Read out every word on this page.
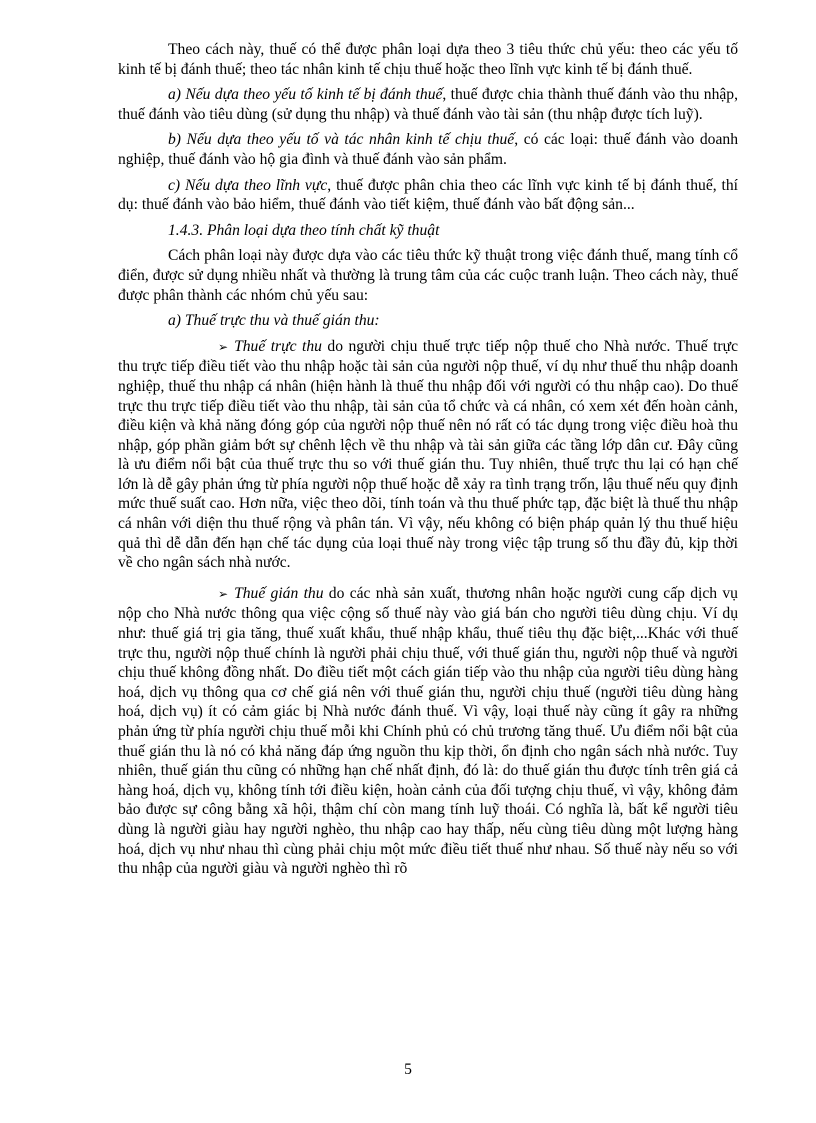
Theo cách này, thuế có thể được phân loại dựa theo 3 tiêu thức chủ yếu: theo các yếu tố kinh tế bị đánh thuế; theo tác nhân kinh tế chịu thuế hoặc theo lĩnh vực kinh tế bị đánh thuế.

a) Nếu dựa theo yếu tố kinh tế bị đánh thuế, thuế được chia thành thuế đánh vào thu nhập, thuế đánh vào tiêu dùng (sử dụng thu nhập) và thuế đánh vào tài sản (thu nhập được tích luỹ).

b) Nếu dựa theo yếu tố và tác nhân kinh tế chịu thuế, có các loại: thuế đánh vào doanh nghiệp, thuế đánh vào hộ gia đình và thuế đánh vào sản phẩm.

c) Nếu dựa theo lĩnh vực, thuế được phân chia theo các lĩnh vực kinh tế bị đánh thuế, thí dụ: thuế đánh vào bảo hiểm, thuế đánh vào tiết kiệm, thuế đánh vào bất động sản...

1.4.3. Phân loại dựa theo tính chất kỹ thuật

Cách phân loại này được dựa vào các tiêu thức kỹ thuật trong việc đánh thuế, mang tính cổ điển, được sử dụng nhiều nhất và thường là trung tâm của các cuộc tranh luận. Theo cách này, thuế được phân thành các nhóm chủ yếu sau:

a) Thuế trực thu và thuế gián thu:

➢ Thuế trực thu do người chịu thuế trực tiếp nộp thuế cho Nhà nước. Thuế trực thu trực tiếp điều tiết vào thu nhập hoặc tài sản của người nộp thuế, ví dụ như thuế thu nhập doanh nghiệp, thuế thu nhập cá nhân (hiện hành là thuế thu nhập đối với người có thu nhập cao). Do thuế trực thu trực tiếp điều tiết vào thu nhập, tài sản của tổ chức và cá nhân, có xem xét đến hoàn cảnh, điều kiện và khả năng đóng góp của người nộp thuế nên nó rất có tác dụng trong việc điều hoà thu nhập, góp phần giảm bớt sự chênh lệch về thu nhập và tài sản giữa các tầng lớp dân cư. Đây cũng là ưu điểm nổi bật của thuế trực thu so với thuế gián thu. Tuy nhiên, thuế trực thu lại có hạn chế lớn là dễ gây phản ứng từ phía người nộp thuế hoặc dễ xảy ra tình trạng trốn, lậu thuế nếu quy định mức thuế suất cao. Hơn nữa, việc theo dõi, tính toán và thu thuế phức tạp, đặc biệt là thuế thu nhập cá nhân với diện thu thuế rộng và phân tán. Vì vậy, nếu không có biện pháp quản lý thu thuế hiệu quả thì dễ dẫn đến hạn chế tác dụng của loại thuế này trong việc tập trung số thu đầy đủ, kịp thời về cho ngân sách nhà nước.

➢ Thuế gián thu do các nhà sản xuất, thương nhân hoặc người cung cấp dịch vụ nộp cho Nhà nước thông qua việc cộng số thuế này vào giá bán cho người tiêu dùng chịu. Ví dụ như: thuế giá trị gia tăng, thuế xuất khẩu, thuế nhập khẩu, thuế tiêu thụ đặc biệt,...Khác với thuế trực thu, người nộp thuế chính là người phải chịu thuế, với thuế gián thu, người nộp thuế và người chịu thuế không đồng nhất. Do điều tiết một cách gián tiếp vào thu nhập của người tiêu dùng hàng hoá, dịch vụ thông qua cơ chế giá nên với thuế gián thu, người chịu thuế (người tiêu dùng hàng hoá, dịch vụ) ít có cảm giác bị Nhà nước đánh thuế. Vì vậy, loại thuế này cũng ít gây ra những phản ứng từ phía người chịu thuế mỗi khi Chính phủ có chủ trương tăng thuế. Ưu điểm nổi bật của thuế gián thu là nó có khả năng đáp ứng nguồn thu kịp thời, ổn định cho ngân sách nhà nước. Tuy nhiên, thuế gián thu cũng có những hạn chế nhất định, đó là: do thuế gián thu được tính trên giá cả hàng hoá, dịch vụ, không tính tới điều kiện, hoàn cảnh của đối tượng chịu thuế, vì vậy, không đảm bảo được sự công bằng xã hội, thậm chí còn mang tính luỹ thoái. Có nghĩa là, bất kể người tiêu dùng là người giàu hay người nghèo, thu nhập cao hay thấp, nếu cùng tiêu dùng một lượng hàng hoá, dịch vụ như nhau thì cùng phải chịu một mức điều tiết thuế như nhau. Số thuế này nếu so với thu nhập của người giàu và người nghèo thì rõ

5
